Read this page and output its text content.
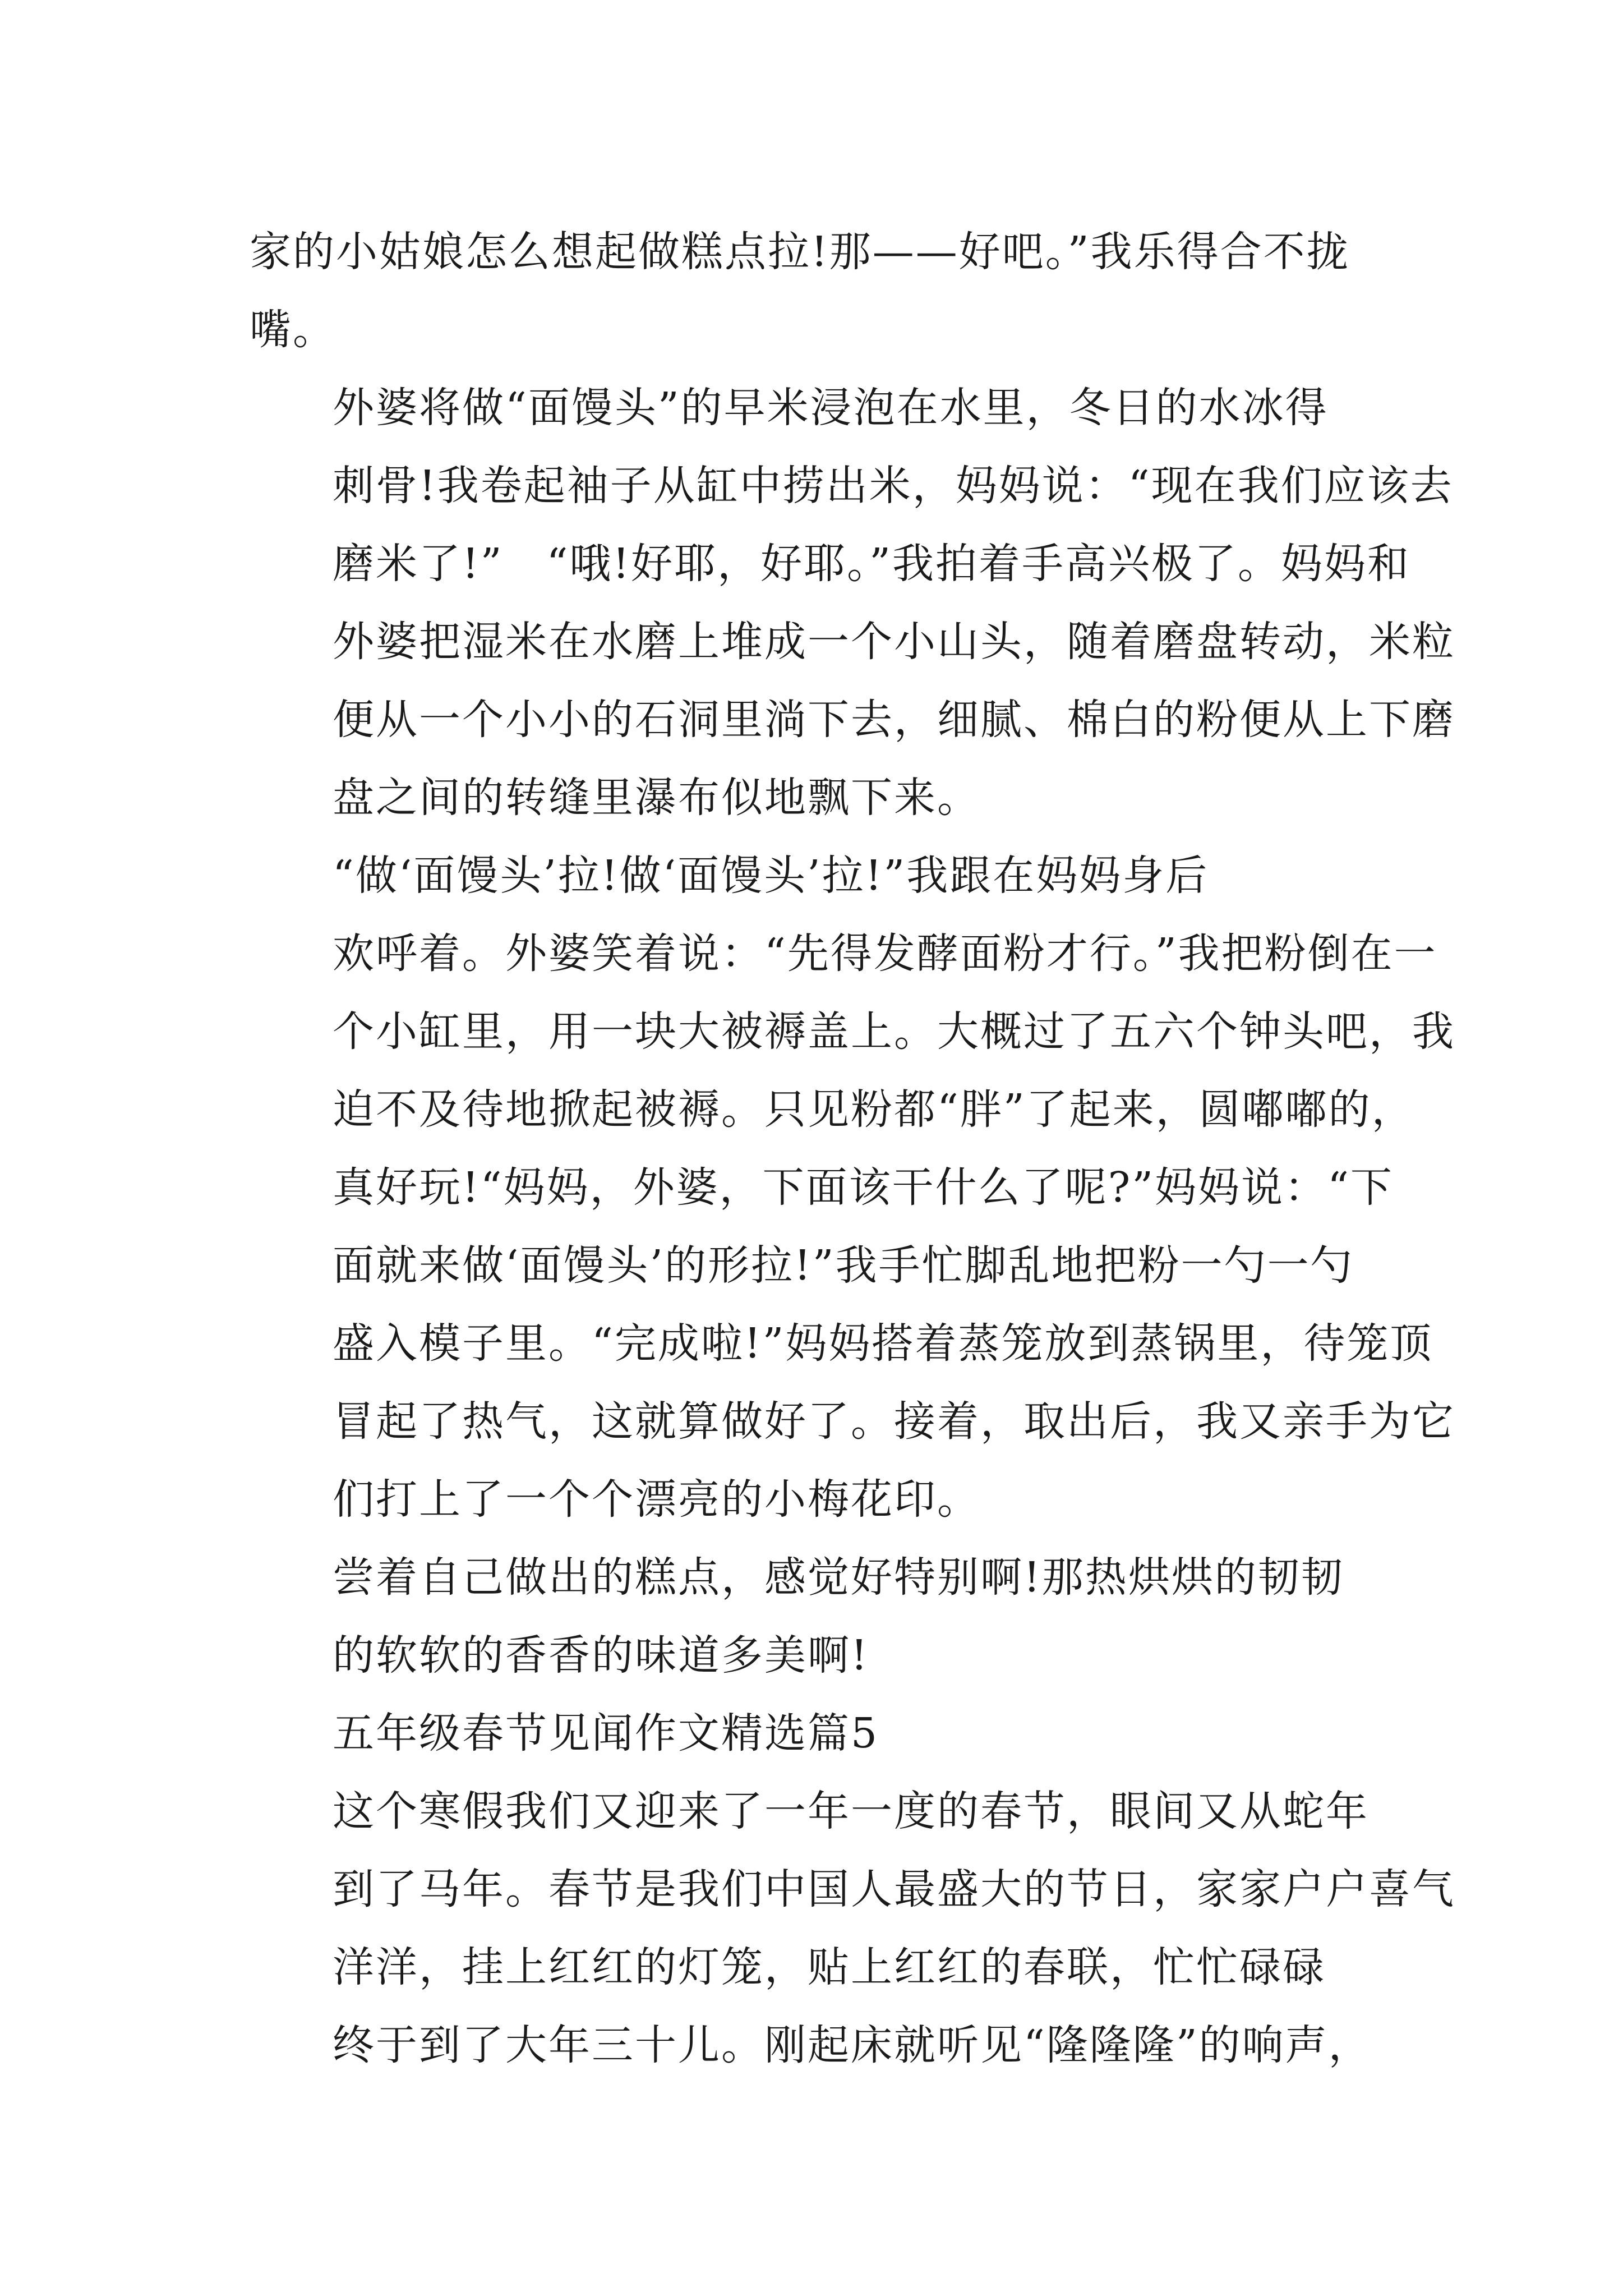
家的小姑娘怎么想起做糕点拉!那——好吧。”我乐得合不拢
嘴。

外婆将做“面馒头”的早米浸泡在水里，冬日的水冰得
刺骨!我卷起袖子从缸中捞出米，妈妈说：“现在我们应该去
磨米了!”　“哦!好耶，好耶。”我拍着手高兴极了。妈妈和
外婆把湿米在水磨上堆成一个小山头，随着磨盘转动，米粒
便从一个小小的石洞里淌下去，细腻、棉白的粉便从上下磨
盘之间的转缝里瀑布似地飘下来。

“做‘面馒头’拉!做‘面馒头’拉!”我跟在妈妈身后
欢呼着。外婆笑着说：“先得发酵面粉才行。”我把粉倒在一
个小缸里，用一块大被褥盖上。大概过了五六个钟头吧，我
迫不及待地掀起被褥。只见粉都“胖”了起来，圆嘟嘟的，
真好玩!“妈妈，外婆，下面该干什么了呢?”妈妈说：“下
面就来做‘面馒头’的形拉!”我手忙脚乱地把粉一勺一勺
盛入模子里。“完成啦!”妈妈搭着蒸笼放到蒸锅里，待笼顶
冒起了热气，这就算做好了。接着，取出后，我又亲手为它
们打上了一个个漂亮的小梅花印。

尝着自己做出的糕点，感觉好特别啊!那热烘烘的韧韧
的软软的香香的味道多美啊!

五年级春节见闻作文精选篇5

这个寒假我们又迎来了一年一度的春节，眼间又从蛇年
到了马年。春节是我们中国人最盛大的节日，家家户户喜气
洋洋，挂上红红的灯笼，贴上红红的春联，忙忙碌碌

终于到了大年三十儿。刚起床就听见“隆隆隆”的响声，
